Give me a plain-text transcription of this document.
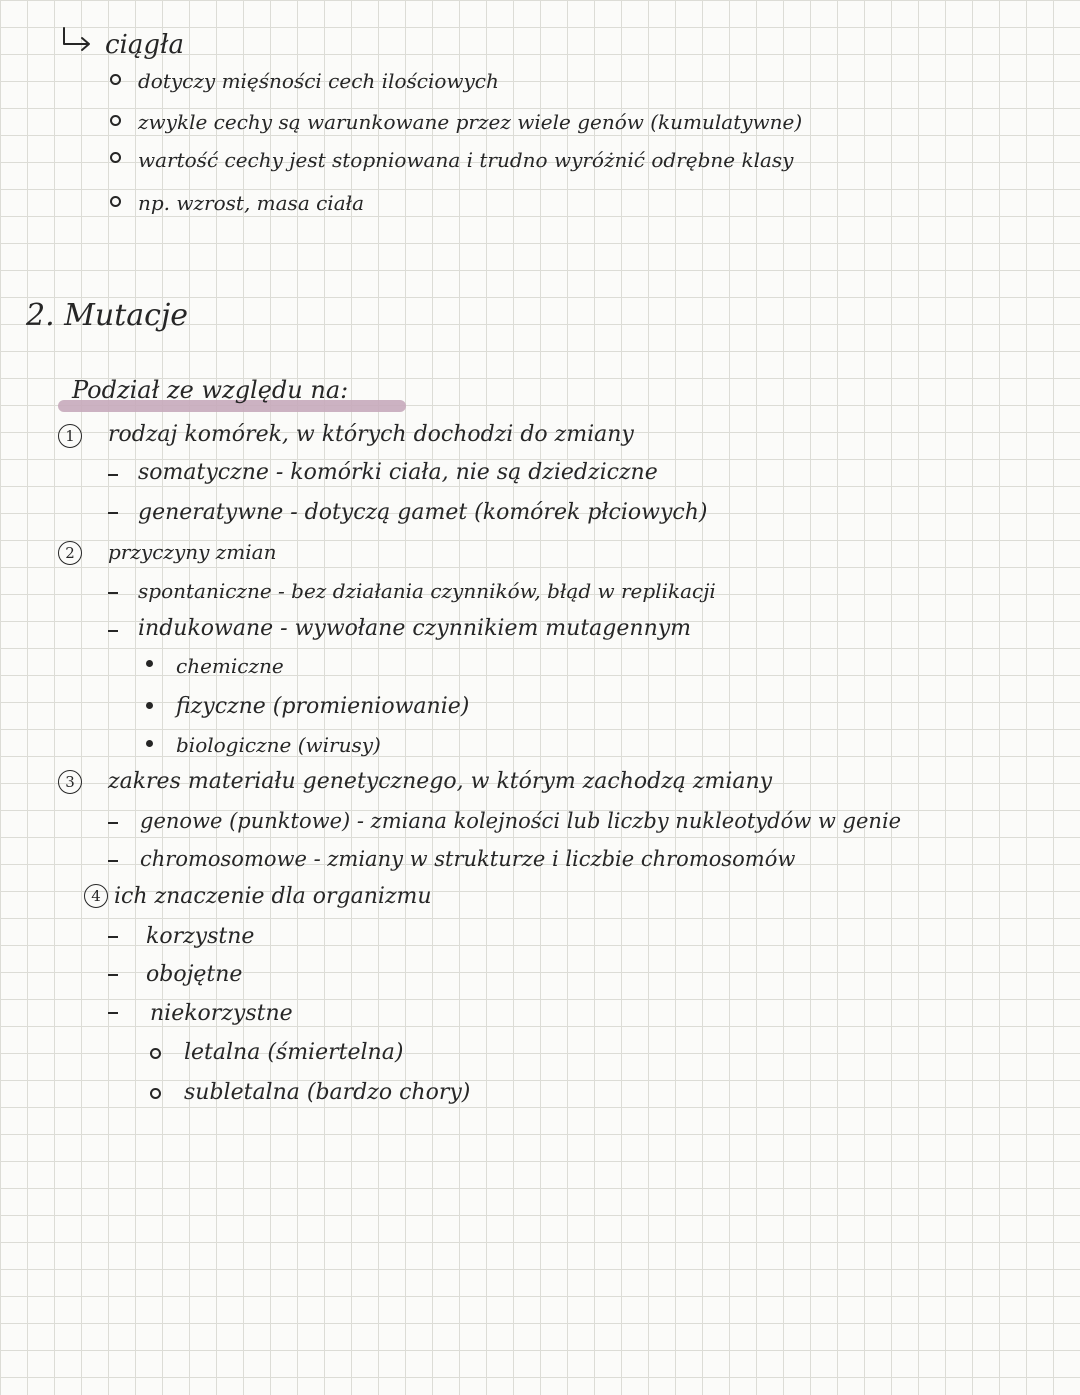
ciągła
dotyczy mięśności cech ilościowych
zwykle cechy są warunkowane przez wiele genów (kumulatywne)
wartość cechy jest stopniowana i trudno wyróżnić odrębne klasy
np. wzrost, masa ciała
2. Mutacje
Podział ze względu na:
1	rodzaj komórek, w których dochodzi do zmiany
somatyczne - komórki ciała, nie są dziedziczne
generatywne - dotyczą gamet (komórek płciowych)
2	przyczyny zmian
spontaniczne - bez działania czynników, błąd w replikacji
indukowane - wywołane czynnikiem mutagennym
chemiczne
fizyczne (promieniowanie)
biologiczne (wirusy)
3	zakres materiału genetycznego, w którym zachodzą zmiany
genowe (punktowe) - zmiana kolejności lub liczby nukleotydów w genie
chromosomowe - zmiany w strukturze i liczbie chromosomów
4 ich znaczenie dla organizmu
korzystne
obojętne
niekorzystne
letalna (śmiertelna)
subletalna (bardzo chory)
